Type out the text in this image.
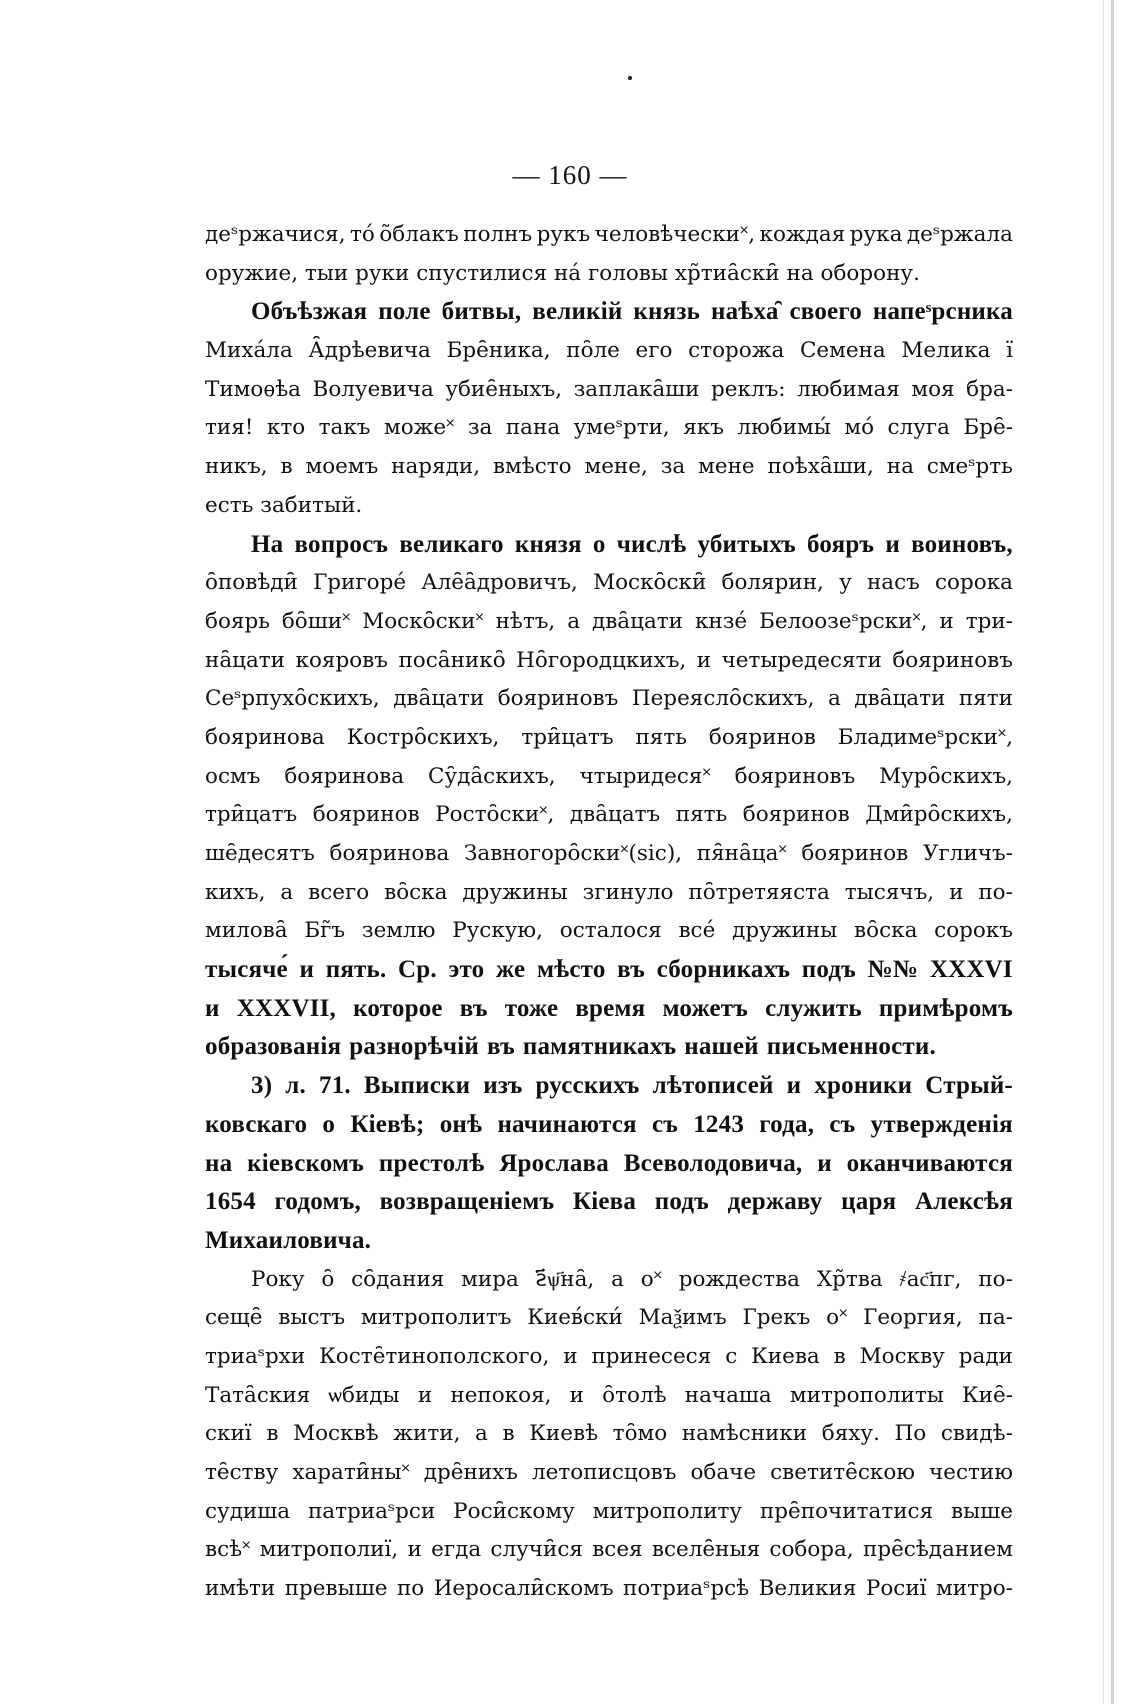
— 160 —
деˢржачися, то́ о̃блакъ полнъ рукъ человѣчески˟, кождая рука деˢржала
оружие, тыи руки спустилися на́ головы хр̃тиа̑ски̑ на оборону.
Объѣзжая поле битвы, великій князь наѣха̑ своего напеˢрсника
Миха́ла А̑дрѣевича Бре̑ника, по̑ле его сторожа Семена Мелика ї
Тимоѳѣа Волуевича убие̑ныхъ, заплака̑ши реклъ: любимая моя бра-
тия! кто такъ може˟ за пана умеˢрти, якъ любимы́ мо́ слуга Бре̑-
никъ, в моемъ наряди, вмѣсто мене, за мене поѣха̑ши, на смеˢрть
есть забитый.
На вопросъ великаго князя о числѣ убитыхъ бояръ и воиновъ,
о̑повѣди̑ Григоре́ Але̑а̑дровичъ, Моско̑ски̑ болярин, у насъ сорока
боярь бо̑ши˟ Моско̑ски˟ нѣтъ, а два̑цати кнзе́ Белоозеˢрски˟, и три-
на̑цати кояровъ поса̑нико̑ Но̑городцкихъ, и четыредесяти бояриновъ
Сеˢрпухо̑скихъ, два̑цати бояриновъ Переясло̑скихъ, а два̑цати пяти
бояринова Костро̑скихъ, три̑цатъ пять бояринов Бладимеˢрски˟,
осмъ бояринова Су̑да̑скихъ, чтыридеся˟ бояриновъ Муро̑скихъ,
три̑цатъ бояринов Росто̑ски˟, два̑цатъ пять бояринов Дми̑ро̑скихъ,
ше̑десятъ бояринова Завногоро̑ски˟(sic), пя̑на̑ца˟ бояринов Угличъ-
кихъ, а всего во̑ска дружины згинуло по̑третяяста тысячъ, и по-
милова̑ Бг̃ъ землю Рускую, осталося все́ дружины во̑ска сорокъ
тысяче́ и пять. Ср. это же мѣсто въ сборникахъ подъ №№ XXXVI
и XXXVII, которое въ тоже время можетъ служить примѣромъ
образованія разнорѣчій въ памятникахъ нашей письменности.
3) л. 71. Выписки изъ русскихъ лѣтописей и хроники Стрый-
ковскаго о Кіевѣ; онѣ начинаются съ 1243 года, съ утвержденія
на кіевскомъ престолѣ Ярослава Всеволодовича, и оканчиваются
1654 годомъ, возвращеніемъ Кіева подъ державу царя Алексѣя
Михаиловича.
Року о̑ со̑дания мира ꙅ҃ѱ҃на̑, а о˟ рождества Хр̃тва ҂ас҃пг, по-
сеще̑ выстъ митрополитъ Киев́ски́ Маѯимъ Грекъ о˟ Георгия, па-
триаˢрхи Косте̑тинополского, и принесеся с Киева в Москву ради
Тата̑ския ѡбиды и непокоя, и о̑толѣ начаша митрополиты Кие̑-
скиї в Москвѣ жити, а в Киевѣ то̑мо намѣсники бяху. По свидѣ-
те̑ству харати̑ны˟ дре̑нихъ летописцовъ обаче светите̑скою честию
судиша патриаˢрси Роси̑скому митрополиту пре̑почитатися выше
всѣ˟ митрополиї, и егда случи̑ся всея вселе̑ныя собора, пре̑сѣданием
имѣти превыше по Иеросали̑скомъ потриаˢрсѣ Великия Росиї митро-
